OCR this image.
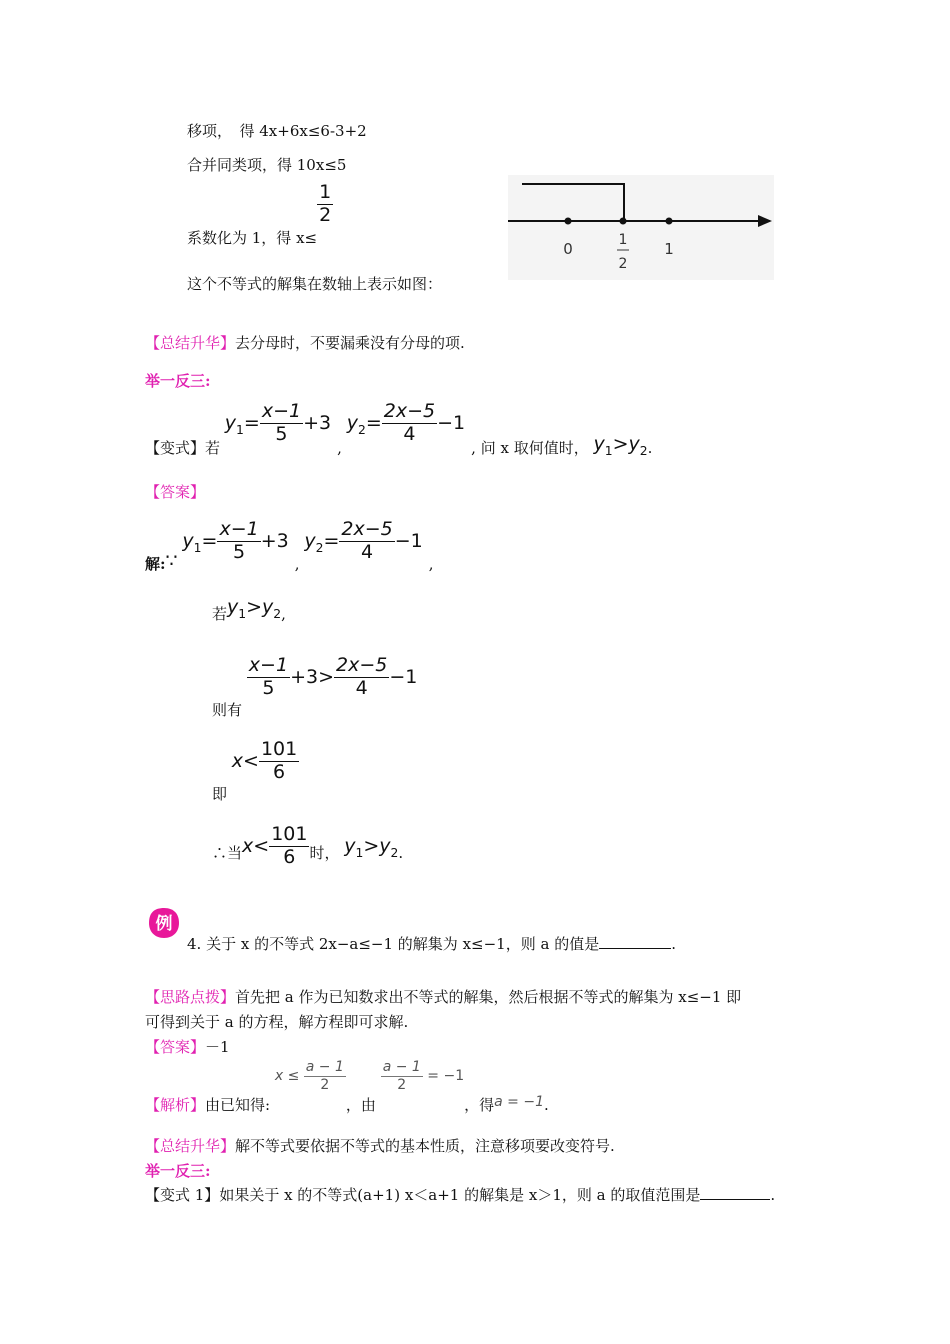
移项，　得 4x+6x≤6-3+2
合并同类项，得 10x≤5
系数化为 1，得 x≤
$\frac{1}{2}$
这个不等式的解集在数轴上表示如图：
0	1
2
1
【总结升华】去分母时，不要漏乘没有分母的项.
举一反三:
【变式】若 $y_1= \frac{x-1}{5} +3$ , $y_2= \frac{2x-5}{4} -1$ , 问 x 取何值时， $y_1>y_2$.
【答案】
解:∵ $y_1= \frac{x-1}{5} +3$ , $y_2= \frac{2x-5}{4} -1$ ,
若$y_1>y_2$,
则有
$\frac{x-1}{5} +3> \frac{2x-5}{4} -1$
即 $x< \frac{101}{6}$
∴当$x< \frac{101}{6}$ 时， $y_1>y_2$.
例
4. 关于 x 的不等式 2x−a≤−1 的解集为 x≤−1，则 a 的值是	.
【思路点拨】首先把 a 作为已知数求出不等式的解集，然后根据不等式的解集为 x≤−1 即
可得到关于 a 的方程，解方程即可求解.
【答案】－1
【解析】由已知得: $x \le \frac{a - 1}{2}$
，由
$\frac{a - 1}{2} = -1$，得a = −1.
【总结升华】解不等式要依据不等式的基本性质，注意移项要改变符号.
举一反三:
【变式 1】如果关于 x 的不等式(a+1) x＜a+1 的解集是 x＞1，则 a 的取值范围是	.
